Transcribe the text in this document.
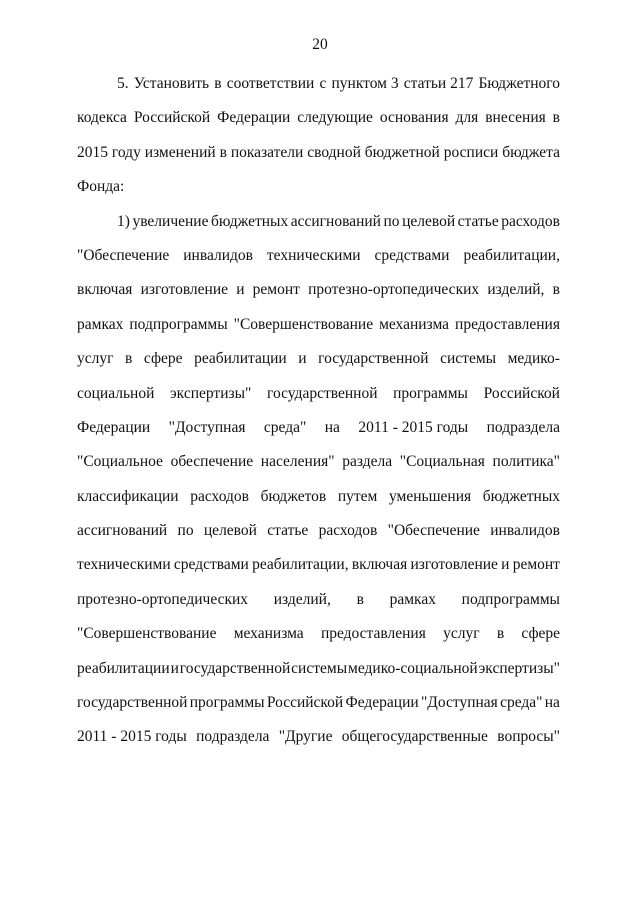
20
5. Установить в соответствии с пунктом 3 статьи 217 Бюджетного
кодекса Российской Федерации следующие основания для внесения в
2015 году изменений в показатели сводной бюджетной росписи бюджета
Фонда:
1) увеличение бюджетных ассигнований по целевой статье расходов
"Обеспечение инвалидов техническими средствами реабилитации,
включая изготовление и ремонт протезно-ортопедических изделий, в
рамках подпрограммы "Совершенствование механизма предоставления
услуг в сфере реабилитации и государственной системы медико-
социальной экспертизы" государственной программы Российской
Федерации "Доступная среда" на 2011 - 2015 годы подраздела
"Социальное обеспечение населения" раздела "Социальная политика"
классификации расходов бюджетов путем уменьшения бюджетных
ассигнований по целевой статье расходов "Обеспечение инвалидов
техническими средствами реабилитации, включая изготовление и ремонт
протезно-ортопедических изделий, в рамках подпрограммы
"Совершенствование механизма предоставления услуг в сфере
реабилитации и государственной системы медико-социальной экспертизы"
государственной программы Российской Федерации "Доступная среда" на
2011 - 2015 годы подраздела "Другие общегосударственные вопросы"
